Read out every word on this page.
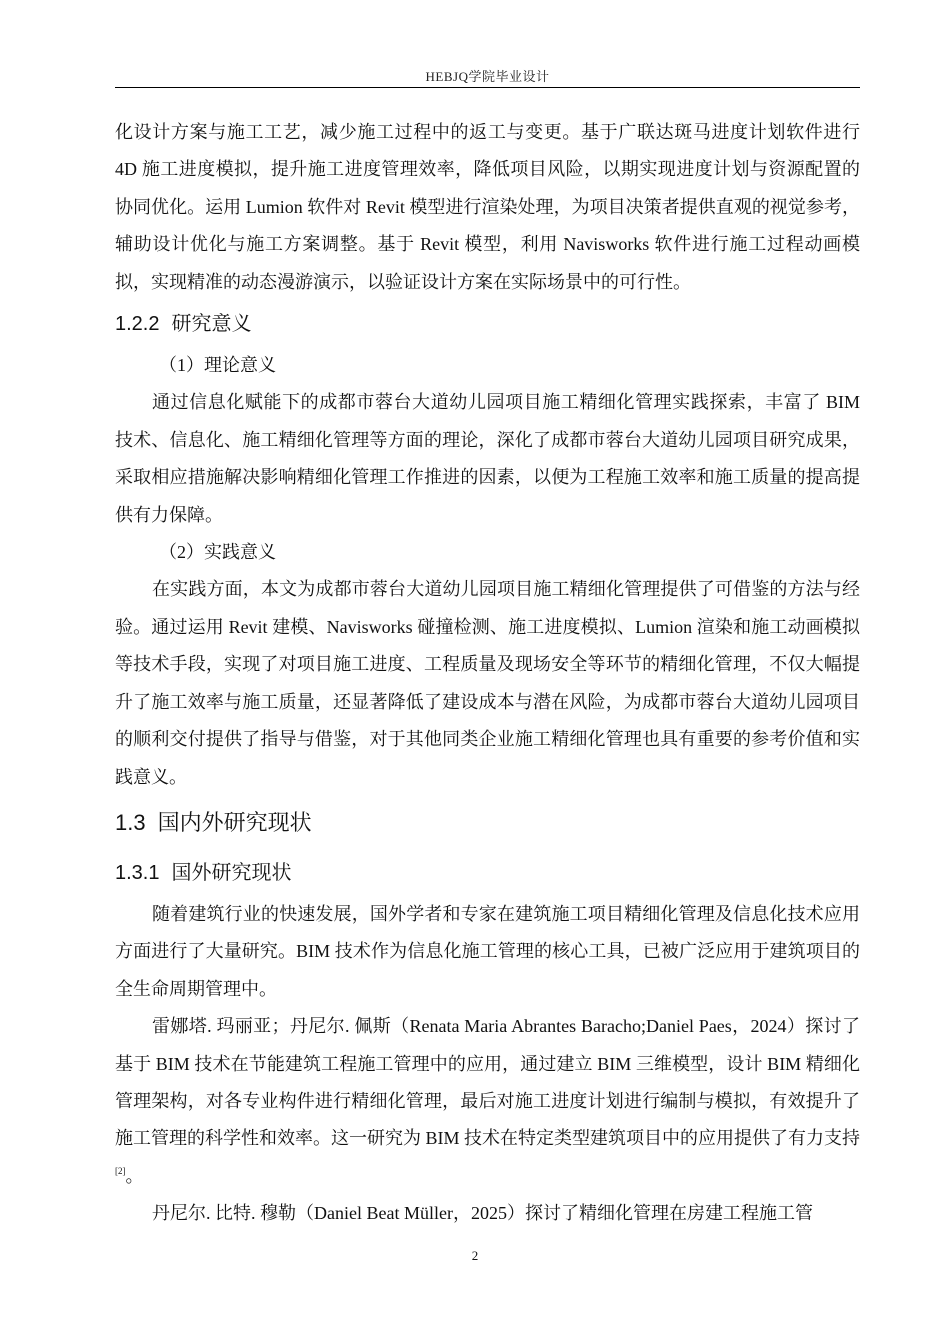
HEBJQ学院毕业设计

化设计方案与施工工艺，减少施工过程中的返工与变更。基于广联达斑马进度计划软件进行 4D 施工进度模拟，提升施工进度管理效率，降低项目风险，以期实现进度计划与资源配置的协同优化。运用 Lumion 软件对 Revit 模型进行渲染处理，为项目决策者提供直观的视觉参考，辅助设计优化与施工方案调整。基于 Revit 模型，利用 Navisworks 软件进行施工过程动画模拟，实现精准的动态漫游演示，以验证设计方案在实际场景中的可行性。

1.2.2 研究意义

（1）理论意义

通过信息化赋能下的成都市蓉台大道幼儿园项目施工精细化管理实践探索，丰富了 BIM 技术、信息化、施工精细化管理等方面的理论，深化了成都市蓉台大道幼儿园项目研究成果，采取相应措施解决影响精细化管理工作推进的因素，以便为工程施工效率和施工质量的提高提供有力保障。

（2）实践意义

在实践方面，本文为成都市蓉台大道幼儿园项目施工精细化管理提供了可借鉴的方法与经验。通过运用 Revit 建模、Navisworks 碰撞检测、施工进度模拟、Lumion 渲染和施工动画模拟等技术手段，实现了对项目施工进度、工程质量及现场安全等环节的精细化管理，不仅大幅提升了施工效率与施工质量，还显著降低了建设成本与潜在风险，为成都市蓉台大道幼儿园项目的顺利交付提供了指导与借鉴，对于其他同类企业施工精细化管理也具有重要的参考价值和实践意义。

1.3 国内外研究现状
1.3.1 国外研究现状

随着建筑行业的快速发展，国外学者和专家在建筑施工项目精细化管理及信息化技术应用方面进行了大量研究。BIM 技术作为信息化施工管理的核心工具，已被广泛应用于建筑项目的全生命周期管理中。

雷娜塔. 玛丽亚；丹尼尔. 佩斯（Renata Maria Abrantes Baracho;Daniel Paes，2024）探讨了基于 BIM 技术在节能建筑工程施工管理中的应用，通过建立 BIM 三维模型，设计 BIM 精细化管理架构，对各专业构件进行精细化管理，最后对施工进度计划进行编制与模拟，有效提升了施工管理的科学性和效率。这一研究为 BIM 技术在特定类型建筑项目中的应用提供了有力支持[2]。

丹尼尔. 比特. 穆勒（Daniel Beat Müller，2025）探讨了精细化管理在房建工程施工管

2
